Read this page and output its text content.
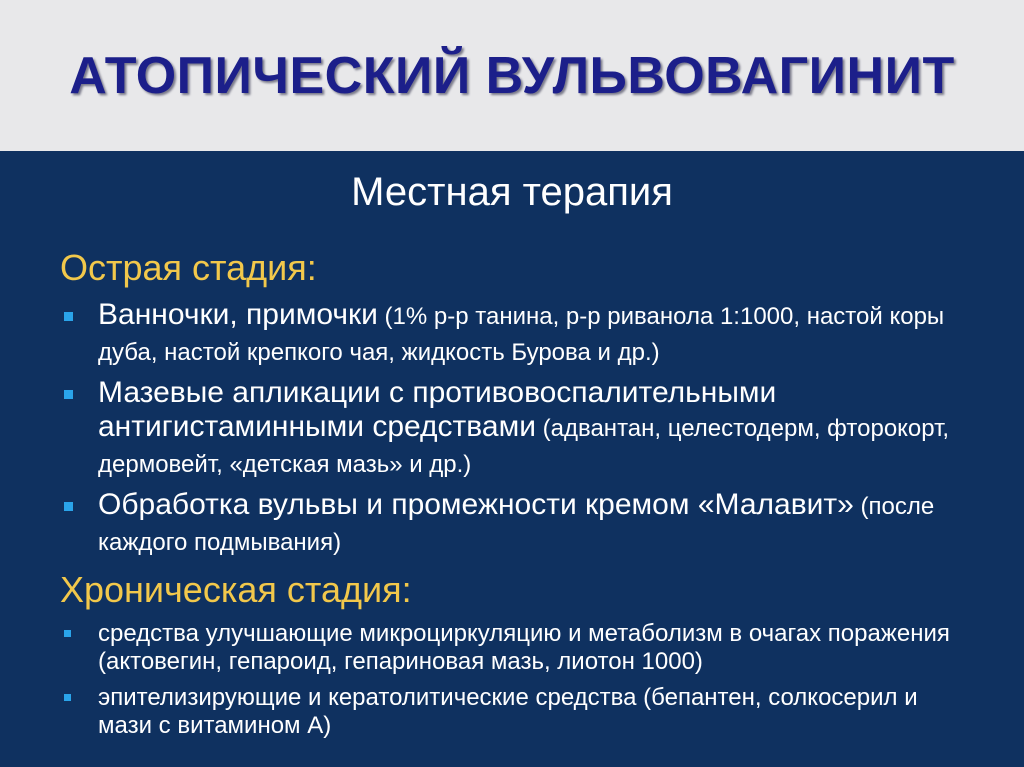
АТОПИЧЕСКИЙ ВУЛЬВОВАГИНИТ
Местная терапия
Острая стадия:
Ванночки, примочки (1% р-р танина, р-р риванола 1:1000, настой коры дуба, настой крепкого чая, жидкость Бурова и др.)
Мазевые апликации с противовоспалительными антигистаминными средствами (адвантан, целестодерм, фторокорт, дермовейт, «детская мазь» и др.)
Обработка вульвы и промежности кремом «Малавит» (после каждого подмывания)
Хроническая стадия:
средства улучшающие микроциркуляцию и метаболизм в очагах поражения (актовегин, гепароид, гепариновая мазь, лиотон 1000)
эпителизирующие и кератолитические средства (бепантен, солкосерил и мази с витамином А)
